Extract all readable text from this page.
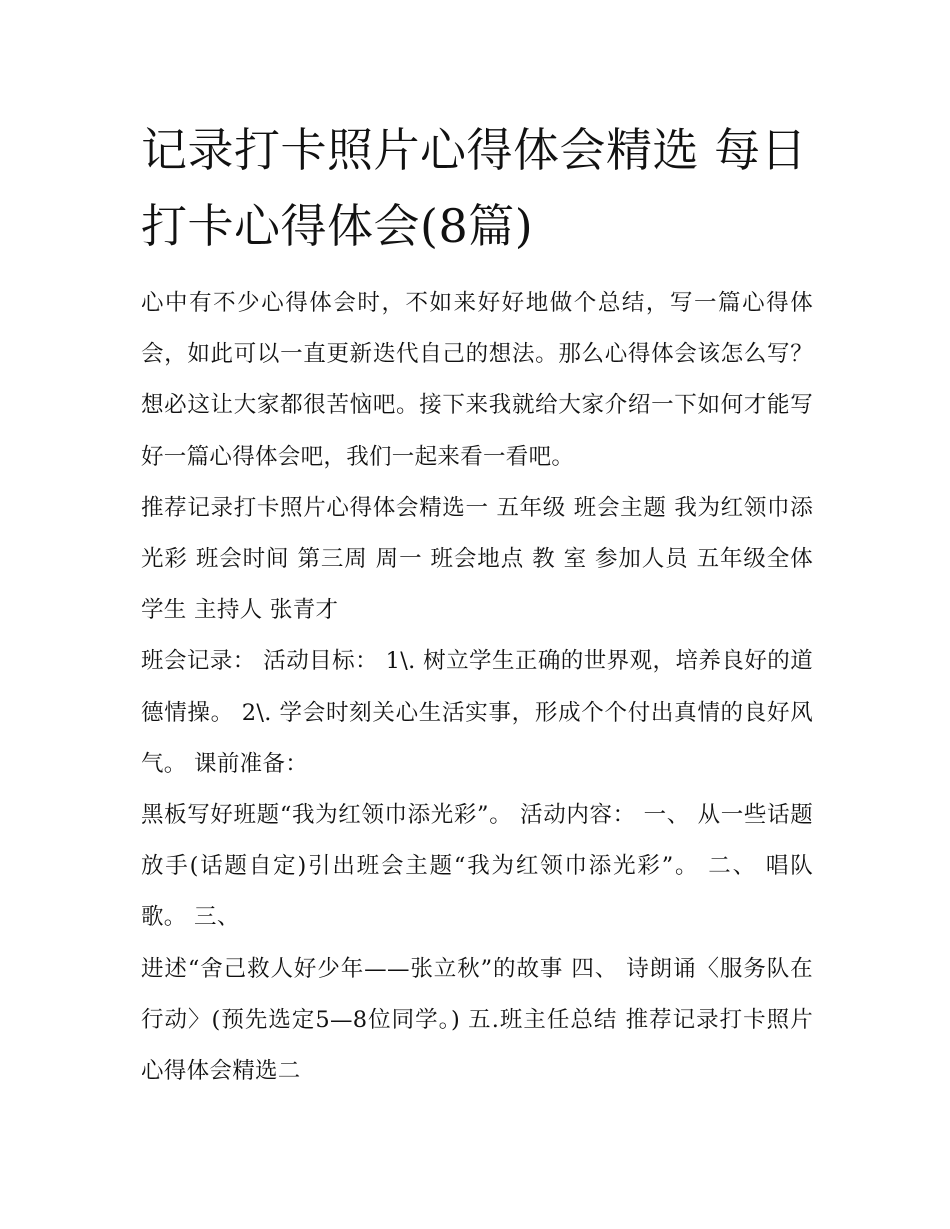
记录打卡照片心得体会精选 每日打卡心得体会(8篇)

心中有不少心得体会时，不如来好好地做个总结，写一篇心得体会，如此可以一直更新迭代自己的想法。那么心得体会该怎么写？想必这让大家都很苦恼吧。接下来我就给大家介绍一下如何才能写好一篇心得体会吧，我们一起来看一看吧。

推荐记录打卡照片心得体会精选一 五年级 班会主题 我为红领巾添光彩 班会时间 第三周 周一 班会地点 教 室 参加人员 五年级全体学生 主持人 张青才

班会记录： 活动目标： 1\. 树立学生正确的世界观，培养良好的道德情操。 2\. 学会时刻关心生活实事，形成个个付出真情的良好风气。 课前准备：

黑板写好班题“我为红领巾添光彩”。 活动内容： 一、 从一些话题放手(话题自定)引出班会主题“我为红领巾添光彩”。 二、 唱队歌。 三、

进述“舍己救人好少年——张立秋”的故事 四、 诗朗诵〈服务队在行动〉(预先选定5—8位同学。) 五.班主任总结 推荐记录打卡照片心得体会精选二
